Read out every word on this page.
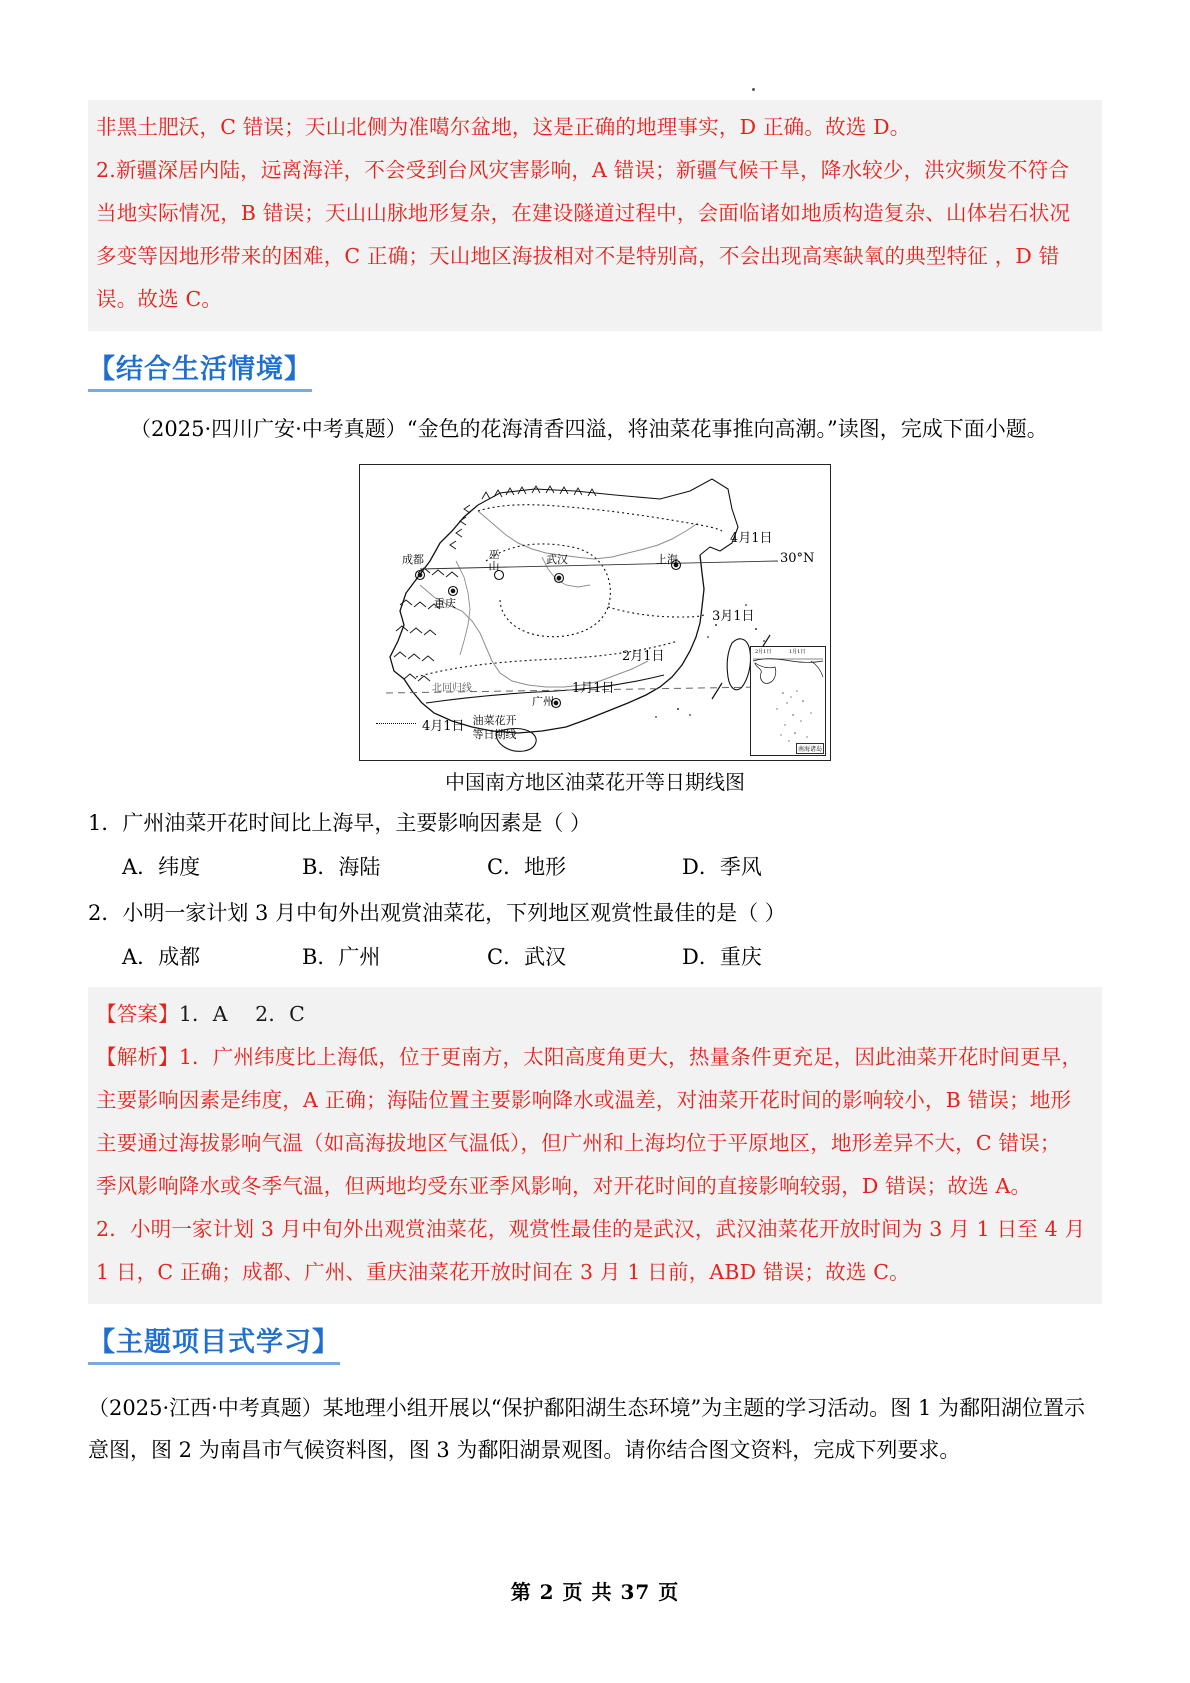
非黑土肥沃，C 错误；天山北侧为准噶尔盆地，这是正确的地理事实，D 正确。故选 D。
2.新疆深居内陆，远离海洋，不会受到台风灾害影响，A 错误；新疆气候干旱，降水较少，洪灾频发不符合
当地实际情况，B 错误；天山山脉地形复杂，在建设隧道过程中，会面临诸如地质构造复杂、山体岩石状况
多变等因地形带来的困难，C 正确；天山地区海拔相对不是特别高，不会出现高寒缺氧的典型特征 ，D 错
误。故选 C。
【结合生活情境】
（2025·四川广安·中考真题）“金色的花海清香四溢，将油菜花事推向高潮。”读图，完成下面小题。
成都	巫山
武汉	上海
重庆
广州
4月1日
3月1日
2月1日
1月1日
30°N
北回归线
4月1日 油菜花开
等日期线
2月1日	1月1日
南海诸岛
中国南方地区油菜花开等日期线图
1．广州油菜开花时间比上海早，主要影响因素是（ ）
A．纬度	B．海陆	C．地形	D．季风
2．小明一家计划 3 月中旬外出观赏油菜花，下列地区观赏性最佳的是（ ）
A．成都	B．广州	C．武汉	D．重庆
【答案】1．A　 2．C
【解析】1．广州纬度比上海低，位于更南方，太阳高度角更大，热量条件更充足，因此油菜开花时间更早，
主要影响因素是纬度，A 正确；海陆位置主要影响降水或温差，对油菜开花时间的影响较小，B 错误；地形
主要通过海拔影响气温（如高海拔地区气温低），但广州和上海均位于平原地区，地形差异不大，C 错误；
季风影响降水或冬季气温，但两地均受东亚季风影响，对开花时间的直接影响较弱，D 错误；故选 A。
2．小明一家计划 3 月中旬外出观赏油菜花，观赏性最佳的是武汉，武汉油菜花开放时间为 3 月 1 日至 4 月
1 日，C 正确；成都、广州、重庆油菜花开放时间在 3 月 1 日前，ABD 错误；故选 C。
【主题项目式学习】
（2025·江西·中考真题）某地理小组开展以“保护鄱阳湖生态环境”为主题的学习活动。图 1 为鄱阳湖位置示
意图，图 2 为南昌市气候资料图，图 3 为鄱阳湖景观图。请你结合图文资料，完成下列要求。
第 2 页 共 37 页
